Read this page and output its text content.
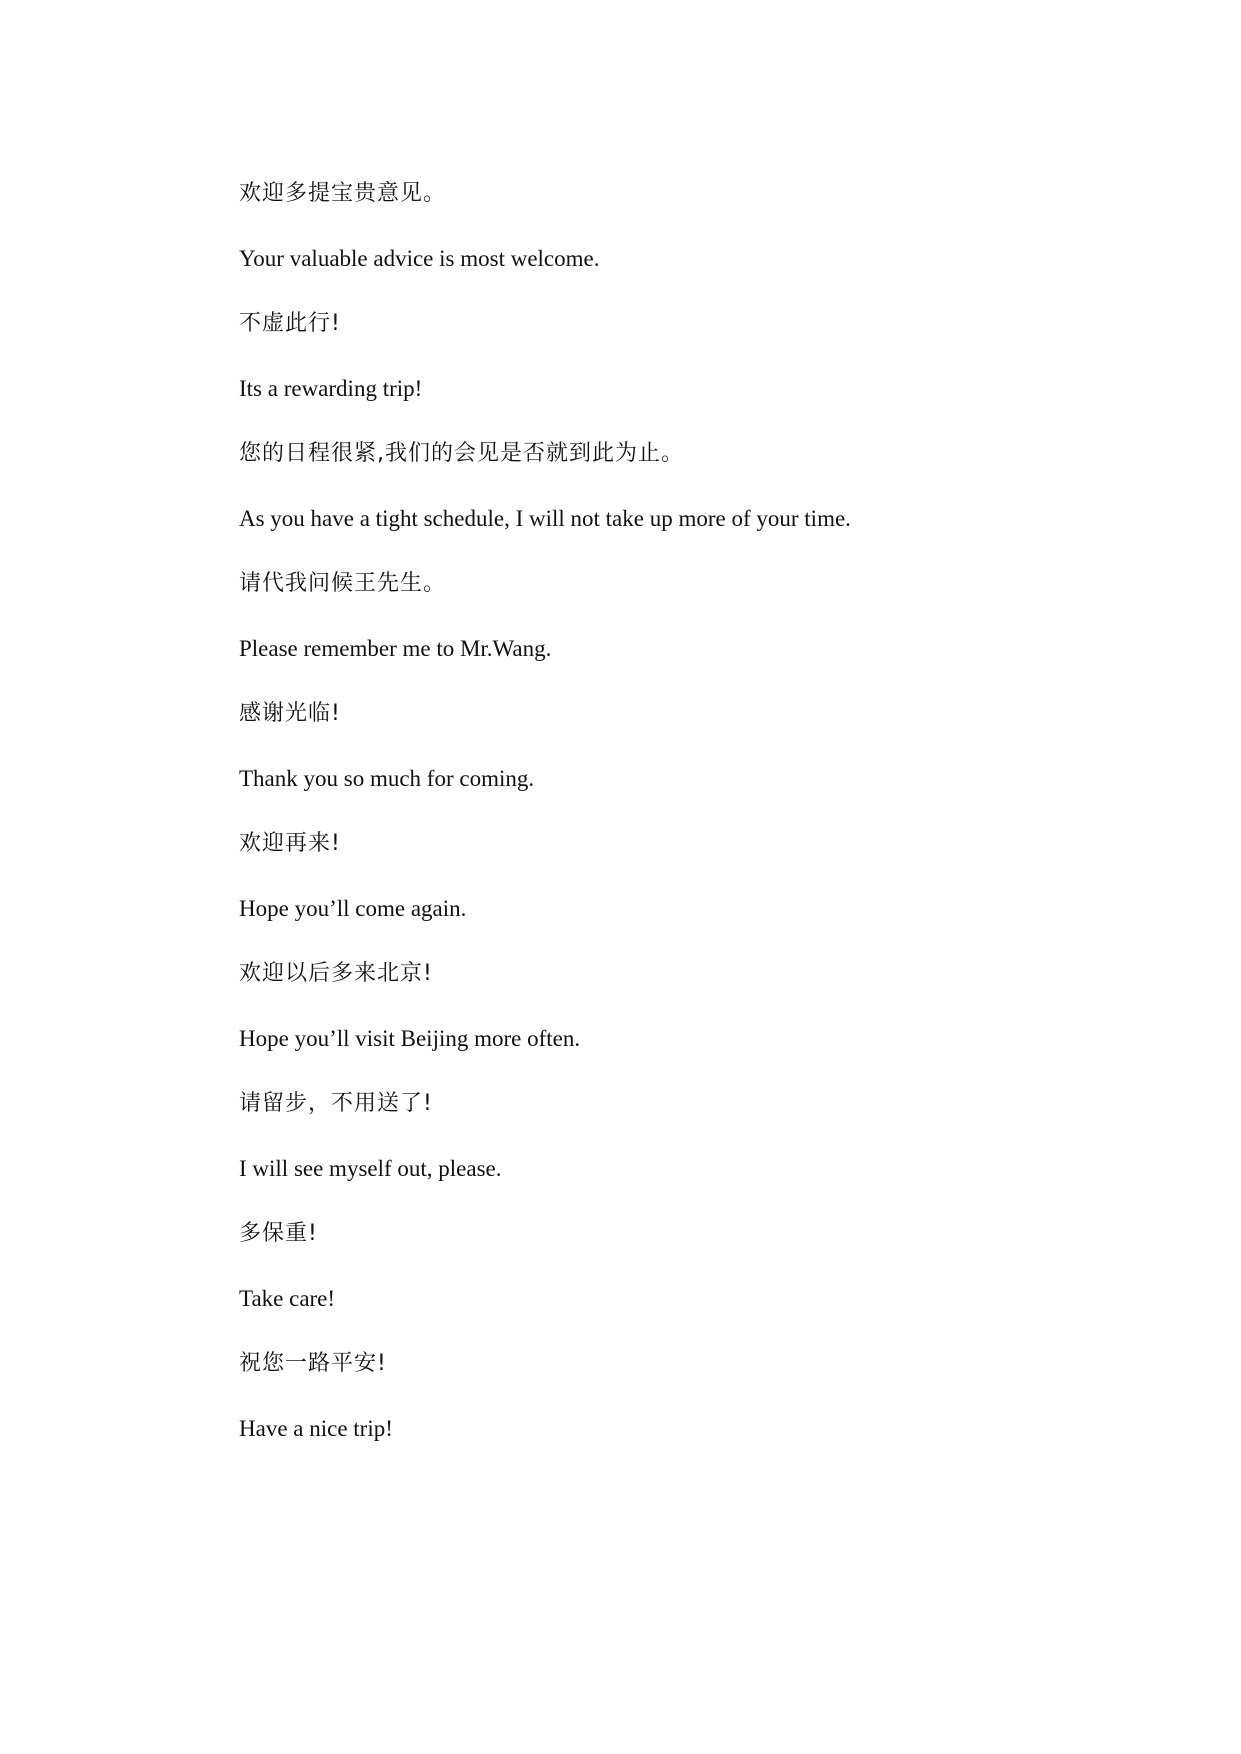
欢迎多提宝贵意见。
Your valuable advice is most welcome.
不虚此行!
Its a rewarding trip!
您的日程很紧,我们的会见是否就到此为止。
As you have a tight schedule, I will not take up more of your time.
请代我问候王先生。
Please remember me to Mr.Wang.
感谢光临!
Thank you so much for coming.
欢迎再来!
Hope you’ll come again.
欢迎以后多来北京!
Hope you’ll visit Beijing more often.
请留步，不用送了!
I will see myself out, please.
多保重!
Take care!
祝您一路平安!
Have a nice trip!
